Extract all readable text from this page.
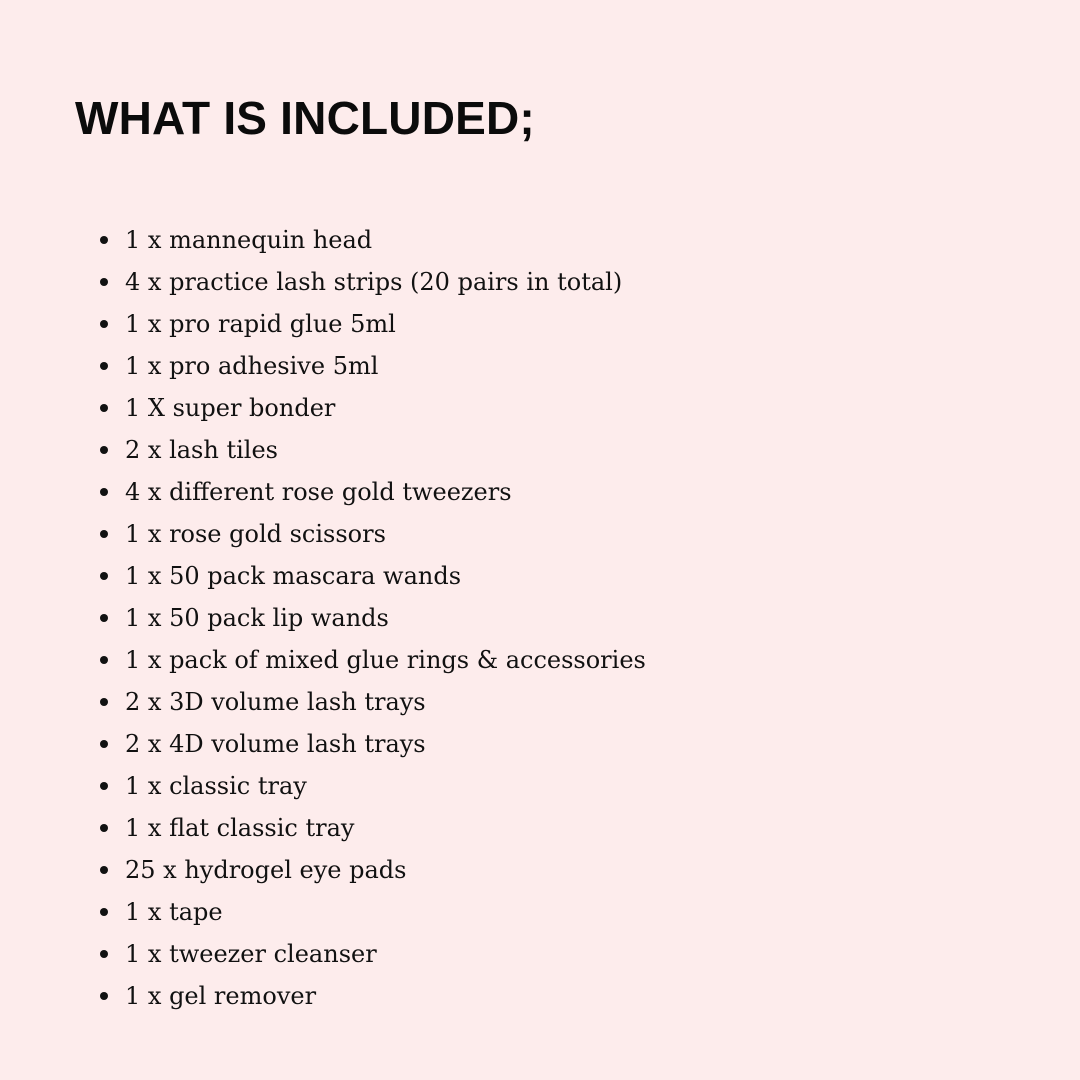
WHAT IS INCLUDED;
1 x mannequin head
4 x practice lash strips (20 pairs in total)
1 x pro rapid glue 5ml
1 x pro adhesive 5ml
1 X super bonder
2 x lash tiles
4 x different rose gold tweezers
1 x rose gold scissors
1 x 50 pack mascara wands
1 x 50 pack lip wands
1 x pack of mixed glue rings & accessories
2 x 3D volume lash trays
2 x 4D volume lash trays
1 x classic tray
1 x flat classic tray
25 x hydrogel eye pads
1 x tape
1 x tweezer cleanser
1 x gel remover
